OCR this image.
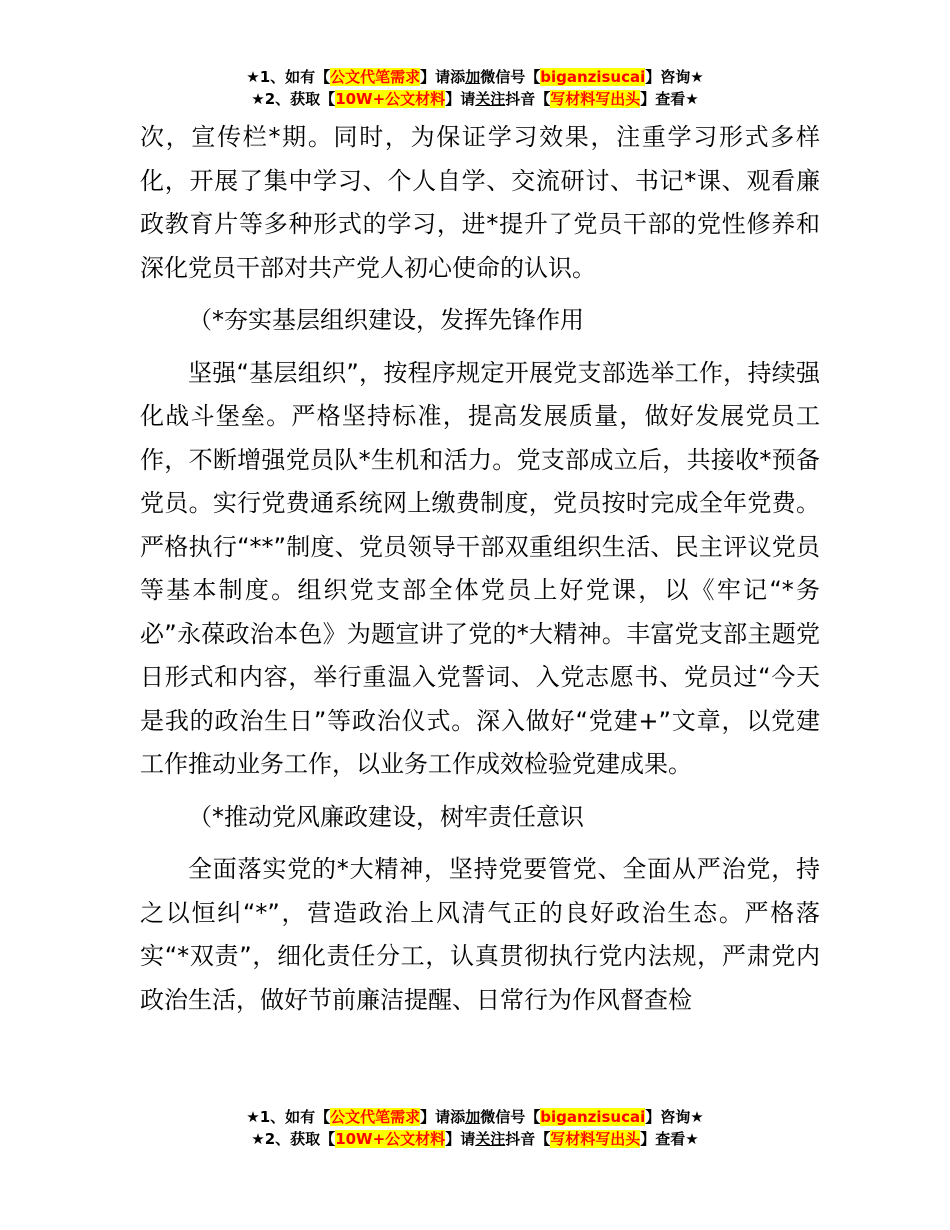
★1、如有【公文代笔需求】请添加微信号【biganzisucai】咨询★
★2、获取【10W+公文材料】请关注抖音【写材料写出头】查看★

次，宣传栏*期。同时，为保证学习效果，注重学习形式多样化，开展了集中学习、个人自学、交流研讨、书记*课、观看廉政教育片等多种形式的学习，进*提升了党员干部的党性修养和深化党员干部对共产党人初心使命的认识。

（*夯实基层组织建设，发挥先锋作用

坚强“基层组织”，按程序规定开展党支部选举工作，持续强化战斗堡垒。严格坚持标准，提高发展质量，做好发展党员工作，不断增强党员队*生机和活力。党支部成立后，共接收*预备党员。实行党费通系统网上缴费制度，党员按时完成全年党费。严格执行“**”制度、党员领导干部双重组织生活、民主评议党员等基本制度。组织党支部全体党员上好党课，以《牢记“*务必”永葆政治本色》为题宣讲了党的*大精神。丰富党支部主题党日形式和内容，举行重温入党誓词、入党志愿书、党员过“今天是我的政治生日”等政治仪式。深入做好“党建+”文章，以党建工作推动业务工作，以业务工作成效检验党建成果。

（*推动党风廉政建设，树牢责任意识

全面落实党的*大精神，坚持党要管党、全面从严治党，持之以恒纠“*”，营造政治上风清气正的良好政治生态。严格落实“*双责”，细化责任分工，认真贯彻执行党内法规，严肃党内政治生活，做好节前廉洁提醒、日常行为作风督查检

★1、如有【公文代笔需求】请添加微信号【biganzisucai】咨询★
★2、获取【10W+公文材料】请关注抖音【写材料写出头】查看★
